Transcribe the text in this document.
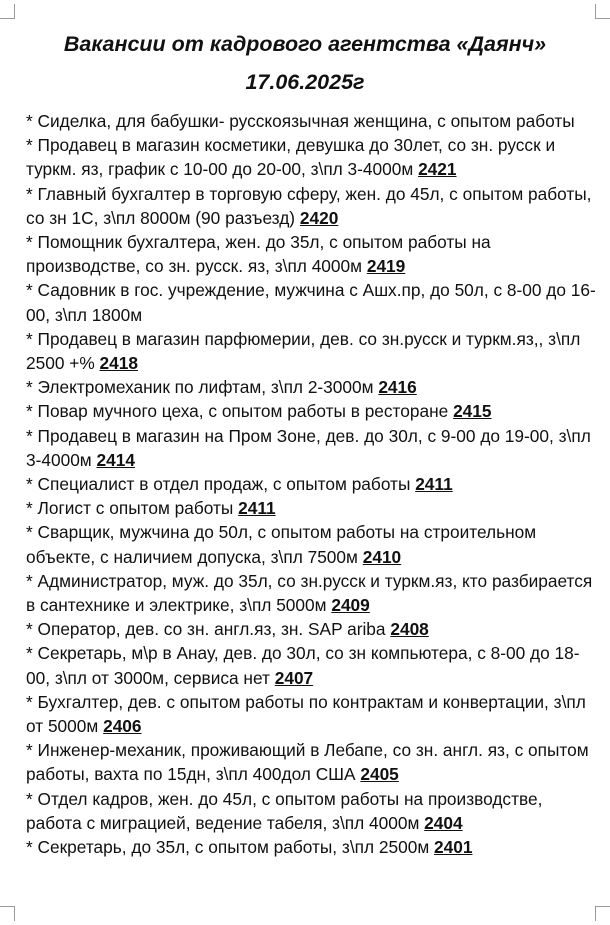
Вакансии от кадрового агентства «Даянч»
17.06.2025г
* Сиделка, для бабушки- русскоязычная женщина, с опытом работы
* Продавец в магазин косметики, девушка до 30лет, со зн. русск и          туркм. яз, график с 10-00 до 20-00, з\пл 3-4000м 2421
* Главный бухгалтер в торговую сферу, жен. до 45л, с опытом работы, со зн 1С, з\пл 8000м (90 разъезд) 2420
* Помощник бухгалтера, жен. до 35л, с опытом работы на производстве, со зн. русск. яз, з\пл 4000м 2419
* Садовник в гос. учреждение, мужчина с Ашх.пр, до 50л, с 8-00 до 16-00, з\пл 1800м
* Продавец в магазин парфюмерии, дев. со зн.русск и туркм.яз,, з\пл 2500 +% 2418
* Электромеханик по лифтам, з\пл 2-3000м 2416
* Повар мучного цеха, с опытом работы в ресторане 2415
* Продавец в магазин на Пром Зоне, дев. до 30л, с 9-00 до 19-00, з\пл   3-4000м 2414
* Специалист в отдел продаж, с опытом работы 2411
* Логист с опытом работы 2411
* Сварщик, мужчина до 50л, с опытом работы на строительном объекте, с наличием допуска, з\пл 7500м 2410
* Администратор, муж. до 35л, со зн.русск и туркм.яз, кто разбирается в сантехнике и электрике, з\пл 5000м 2409
* Оператор, дев. со зн. англ.яз, зн. SAP ariba 2408
* Секретарь, м\р в Анау, дев. до 30л, со зн компьютера, с 8-00 до 18-00, з\пл от 3000м, сервиса нет 2407
* Бухгалтер, дев. с опытом работы по контрактам и конвертации, з\пл от 5000м 2406
* Инженер-механик, проживающий в Лебапе, со зн. англ. яз, с опытом работы, вахта по 15дн, з\пл 400дол США 2405
* Отдел кадров, жен. до 45л, с опытом работы на производстве, работа с миграцией, ведение табеля, з\пл 4000м 2404
* Секретарь, до 35л, с опытом работы, з\пл 2500м 2401
